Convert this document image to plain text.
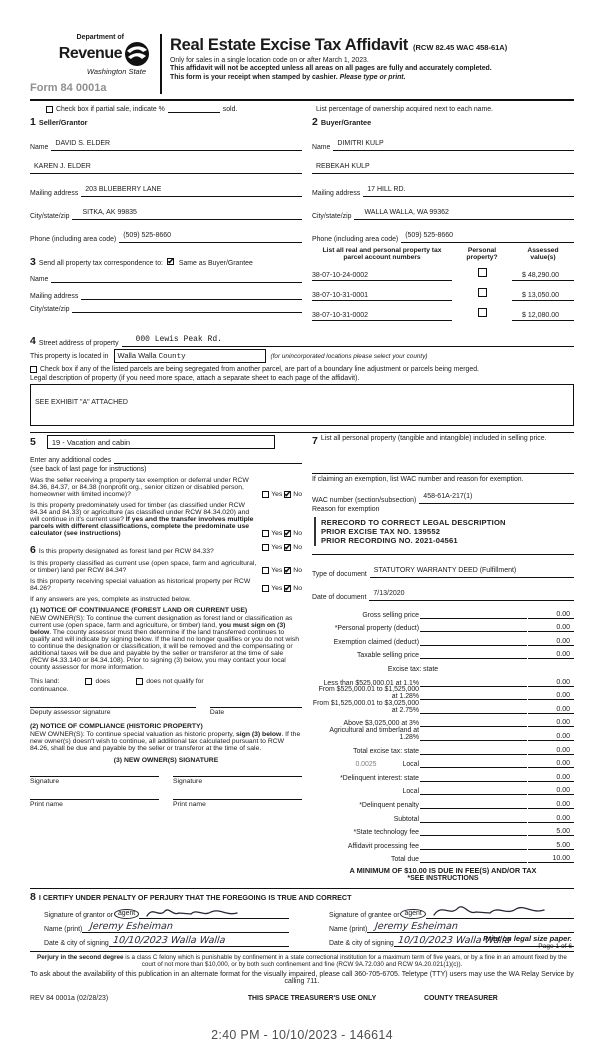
Department of
Revenue
Washington State
Form 84 0001a
Real Estate Excise Tax Affidavit (RCW 82.45 WAC 458-61A)
Only for sales in a single location code on or after March 1, 2023.
This affidavit will not be accepted unless all areas on all pages are fully and accurately completed.
This form is your receipt when stamped by cashier. Please type or print.
Check box if partial sale, indicate %	sold.	List percentage of ownership acquired next to each name.
1 Seller/Grantor
Name
DAVID S. ELDER
KAREN J. ELDER
Mailing address
203 BLUEBERRY LANE
City/state/zip
SITKA, AK 99835
Phone (including area code)
(509) 525-8660
3 Send all property tax correspondence to:
✔
Same as Buyer/Grantee
Name
Mailing address
City/state/zip
2 Buyer/Grantee
Name
DIMITRI KULP
REBEKAH KULP
Mailing address
17 HILL RD.
City/state/zip
WALLA WALLA, WA 99362
Phone (including area code)
(509) 525-8660
List all real and personal property tax parcel account numbers
Personal
property?
Assessed
value(s)
38-07-10-24-0002	$ 48,290.00
38-07-10-31-0001	$ 13,050.00
38-07-10-31-0002	$ 12,080.00
4 Street address of property	000 Lewis Peak Rd.
This property is located in	Walla Walla County	(for unincorporated locations please select your county)
Check box if any of the listed parcels are being segregated from another parcel, are part of a boundary line adjustment or parcels being merged.
Legal description of property (if you need more space, attach a separate sheet to each page of the affidavit).
SEE EXHIBIT "A" ATTACHED
5	19 - Vacation and cabin
Enter any additional codes
(see back of last page for instructions)
Was the seller receiving a property tax exemption or deferral under RCW 84.36, 84.37, or 84.38 (nonprofit org., senior citizen or disabled person, homeowner with limited income)?	Yes ✔ No
Is this property predominately used for timber (as classified under RCW 84.34 and 84.33) or agriculture (as classified under RCW 84.34.020) and will continue in it's current use? If yes and the transfer involves multiple parcels with different classifications, complete the predominate use calculator (see instructions)	Yes ✔ No
6 Is this property designated as forest land per RCW 84.33?
Yes ✔ No
Is this property classified as current use (open space, farm and agricultural, or timber) land per RCW 84.34?	Yes ✔ No
Is this property receiving special valuation as historical property per RCW 84.26?	Yes ✔ No
If any answers are yes, complete as instructed below.
(1) NOTICE OF CONTINUANCE (FOREST LAND OR CURRENT USE)
NEW OWNER(S): To continue the current designation as forest land or classification as current use (open space, farm and agriculture, or timber) land, you must sign on (3) below. The county assessor must then determine if the land transferred continues to qualify and will indicate by signing below. If the land no longer qualifies or you do not wish to continue the designation or classification, it will be removed and the compensating or additional taxes will be due and payable by the seller or transferor at the time of sale (RCW 84.33.140 or 84.34.108). Prior to signing (3) below, you may contact your local county assessor for more information.
This land:	does	does not qualify for
continuance.
Deputy assessor signature	Date
(2) NOTICE OF COMPLIANCE (HISTORIC PROPERTY)
NEW OWNER(S): To continue special valuation as historic property, sign (3) below. If the new owner(s) doesn't wish to continue, all additional tax calculated pursuant to RCW 84.26, shall be due and payable by the seller or transferor at the time of sale.
(3) NEW OWNER(S) SIGNATURE
Signature	Signature
Print name	Print name
7 List all personal property (tangible and intangible) included in selling price.
If claiming an exemption, list WAC number and reason for exemption.
WAC number (section/subsection)
458-61A-217(1)
Reason for exemption
RERECORD TO CORRECT LEGAL DESCRIPTION
PRIOR EXCISE TAX NO. 139552
PRIOR RECORDING NO. 2021-04561
Type of document
STATUTORY WARRANTY DEED (Fulfillment)
Date of document
7/13/2020
Gross selling price	0.00
*Personal property (deduct)	0.00
Exemption claimed (deduct)	0.00
Taxable selling price	0.00
Excise tax: state
Less than $525,000.01 at 1.1%	0.00
From $525,000.01 to $1,525,000 at 1.28%	0.00
From $1,525,000.01 to $3,025,000 at 2.75%	0.00
Above $3,025,000 at 3%	0.00
Agricultural and timberland at 1.28%	0.00
Total excise tax: state	0.00
0.0025	Local	0.00
*Delinquent interest: state	0.00
Local	0.00
*Delinquent penalty	0.00
Subtotal	0.00
*State technology fee	5.00
Affidavit processing fee	5.00
Total due	10.00
A MINIMUM OF $10.00 IS DUE IN FEE(S) AND/OR TAX
*SEE INSTRUCTIONS
8 I CERTIFY UNDER PENALTY OF PERJURY THAT THE FOREGOING IS TRUE AND CORRECT
Signature of grantor or agent
Name (print) Jeremy Esheiman
Date & city of signing 10/10/2023 Walla Walla
Signature of grantee or agent
Name (print) Jeremy Esheiman
Date & city of signing 10/10/2023 Walla Walla
Perjury in the second degree is a class C felony which is punishable by confinement in a state correctional institution for a maximum term of five years, or by a fine in an amount fixed by the court of not more than $10,000, or by both such confinement and fine (RCW 9A.72.030 and RCW 9A.20.021(1)(c)).
To ask about the availability of this publication in an alternate format for the visually impaired, please call 360-705-6705. Teletype (TTY) users may use the WA Relay Service by calling 711.
REV 84 0001a (02/28/23)	THIS SPACE TREASURER'S USE ONLY	COUNTY TREASURER
2:40 PM - 10/10/2023 - 146614
Print on legal size paper.
Page 1 of 6
